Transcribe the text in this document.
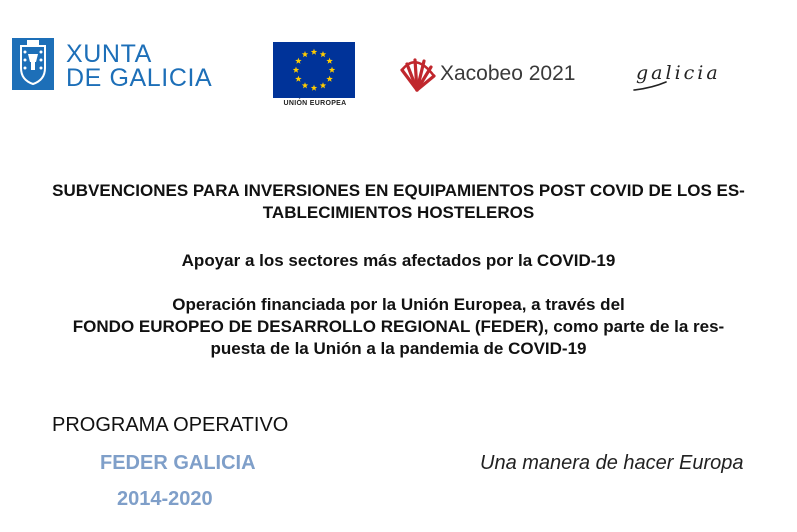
XUNTA
DE GALICIA
UNIÓN EUROPEA
Xacobeo 2021	galicia
SUBVENCIONES PARA INVERSIONES EN EQUIPAMIENTOS POST COVID DE LOS ES-
TABLECIMIENTOS HOSTELEROS
Apoyar a los sectores más afectados por la COVID-19
Operación financiada por la Unión Europea, a través del
FONDO EUROPEO DE DESARROLLO REGIONAL (FEDER), como parte de la res-
puesta de la Unión a la pandemia de COVID-19
PROGRAMA OPERATIVO
FEDER GALICIA
2014-2020
Una manera de hacer Europa
